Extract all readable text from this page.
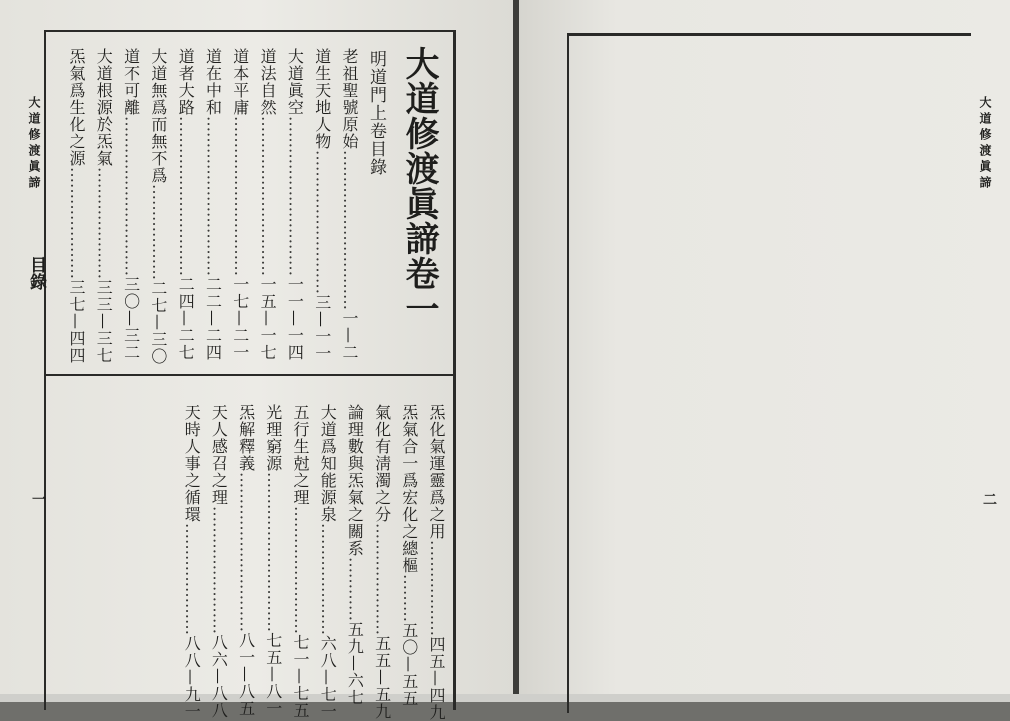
大道修渡眞諦
目錄
一
大道修渡眞諦
二
大道修渡眞諦卷一
明道門上卷目錄
老祖聖號原始…………………………一—二
道生天地人物………………………三—一一
大道眞空…………………………一一—一四
道法自然…………………………一五—一七
道本平庸…………………………一七—二一
道在中和…………………………二二—二四
道者大路…………………………二四—二七
大道無爲而無不爲………………二七—三〇
道不可離…………………………三〇—三二
大道根源於炁氣…………………三三—三七
炁氣爲生化之源…………………三七—四四
炁化氣運靈爲之用………………四五—四九
炁氣合一爲宏化之總樞………五〇—五五
氣化有淸濁之分…………………五五—五九
論理數與炁氣之關系…………五九—六七
大道爲知能源泉…………………六八—七一
五行生尅之理……………………七一—七五
光理窮源…………………………七五—八一
炁解釋義…………………………八一—八五
天人感召之理……………………八六—八八
天時人事之循環…………………八八—九一
